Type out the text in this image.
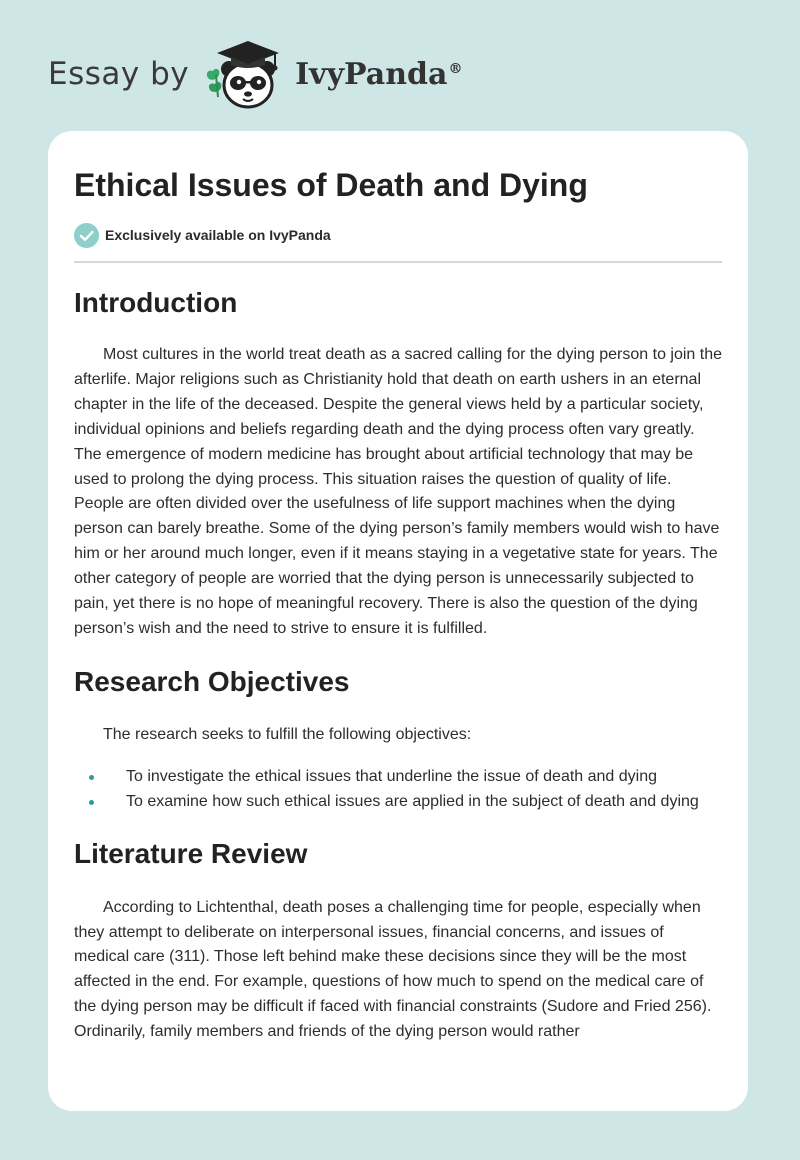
Essay by	IvyPanda®
Ethical Issues of Death and Dying
Exclusively available on IvyPanda
Introduction

Most cultures in the world treat death as a sacred calling for the dying person to join the afterlife. Major religions such as Christianity hold that death on earth ushers in an eternal chapter in the life of the deceased. Despite the general views held by a particular society, individual opinions and beliefs regarding death and the dying process often vary greatly. The emergence of modern medicine has brought about artificial technology that may be used to prolong the dying process. This situation raises the question of quality of life. People are often divided over the usefulness of life support machines when the dying person can barely breathe. Some of the dying person’s family members would wish to have him or her around much longer, even if it means staying in a vegetative state for years. The other category of people are worried that the dying person is unnecessarily subjected to pain, yet there is no hope of meaningful recovery. There is also the question of the dying person’s wish and the need to strive to ensure it is fulfilled.

Research Objectives

The research seeks to fulfill the following objectives:

To investigate the ethical issues that underline the issue of death and dying
To examine how such ethical issues are applied in the subject of death and dying
Literature Review

According to Lichtenthal, death poses a challenging time for people, especially when they attempt to deliberate on interpersonal issues, financial concerns, and issues of medical care (311). Those left behind make these decisions since they will be the most affected in the end. For example, questions of how much to spend on the medical care of the dying person may be difficult if faced with financial constraints (Sudore and Fried 256). Ordinarily, family members and friends of the dying person would rather
